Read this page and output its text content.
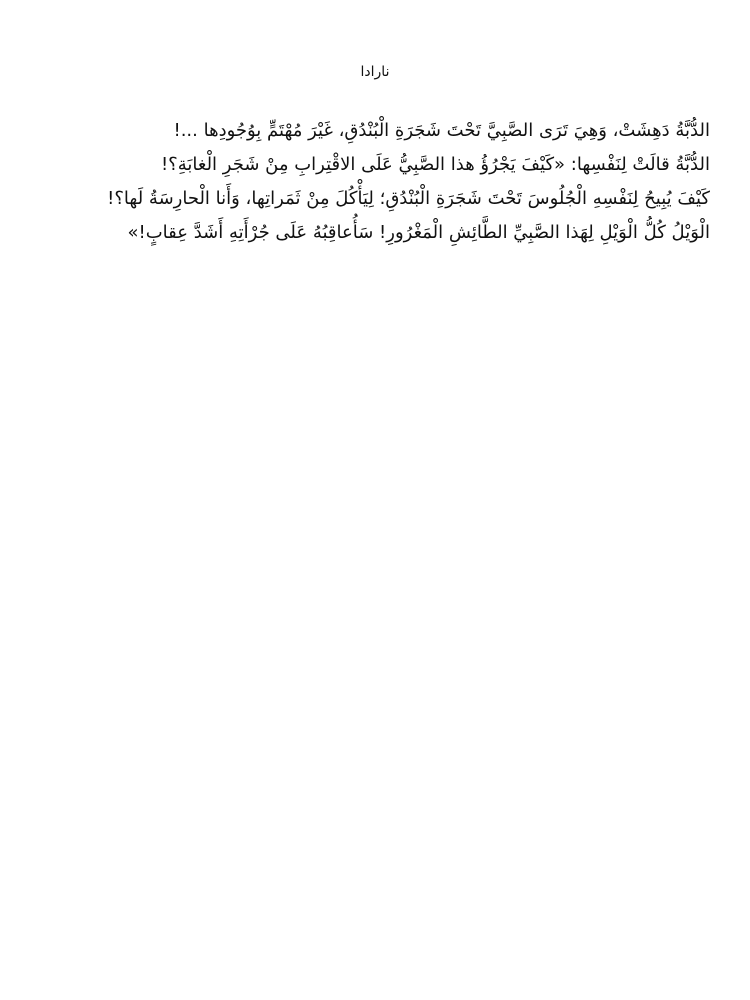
نارادا

الدُّبَّةُ دَهِشَتْ، وَهِيَ تَرَى الصَّبِيَّ تَحْتَ شَجَرَةِ الْبُنْدُقِ، غَيْرَ مُهْتَمٍّ بِوُجُودِها ...!

الدُّبَّةُ قالَتْ لِنَفْسِها: «كَيْفَ يَجْرُؤُ هذا الصَّبِيُّ عَلَى الاقْتِرابِ مِنْ شَجَرِ الْغابَةِ؟!

كَيْفَ يُبِيحُ لِنَفْسِهِ الْجُلُوسَ تَحْتَ شَجَرَةِ الْبُنْدُقِ؛ لِيَأْكُلَ مِنْ ثَمَراتِها، وَأَنا الْحارِسَةُ لَها؟!

الْوَيْلُ كُلُّ الْوَيْلِ لِهَذا الصَّبِيِّ الطَّائِشِ الْمَغْرُورِ! سَأُعاقِبُهُ عَلَى جُرْأَتِهِ أَشَدَّ عِقابٍ!»
